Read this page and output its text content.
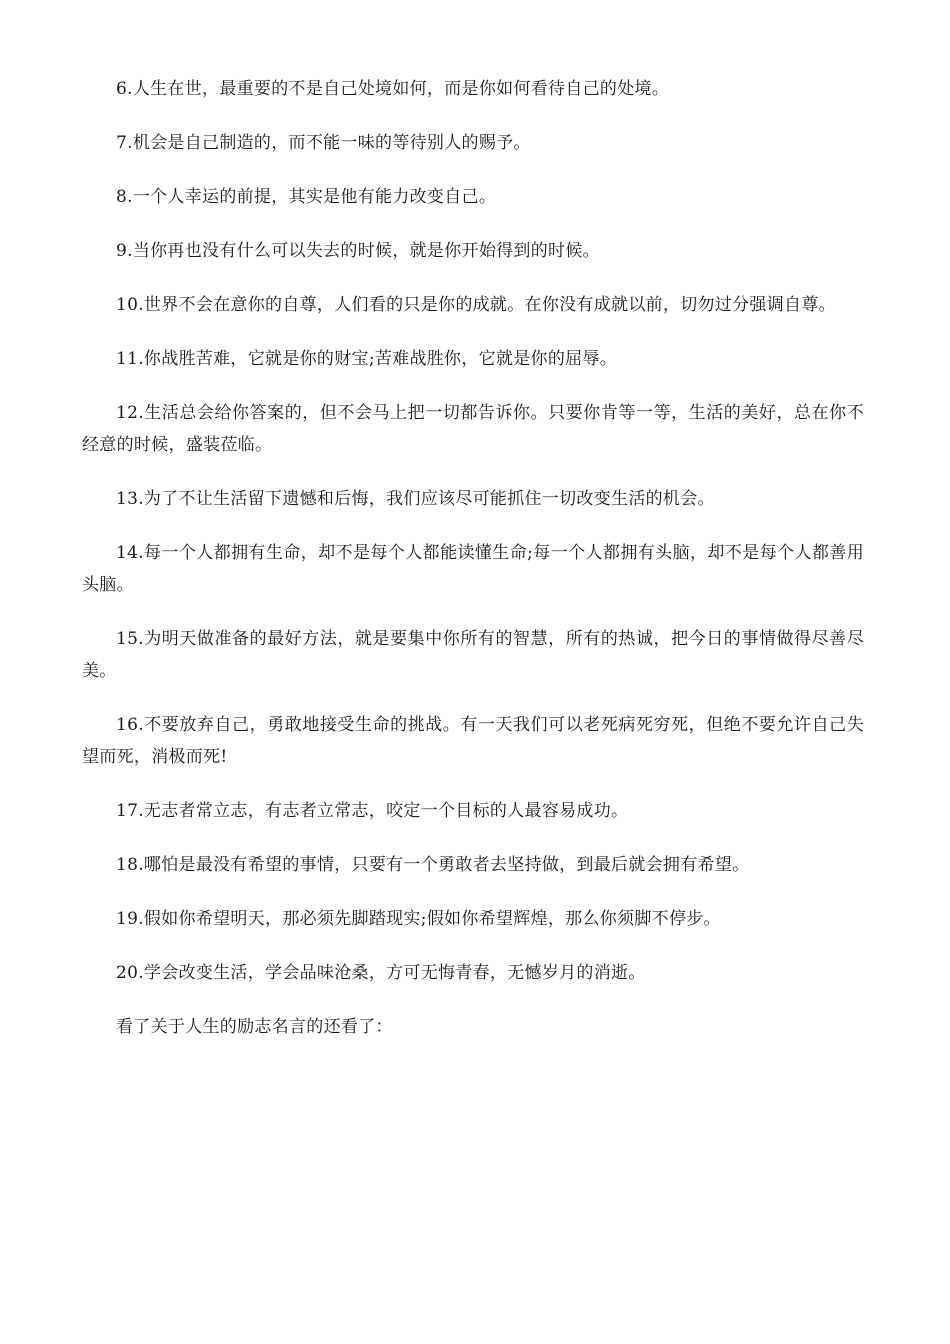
6.人生在世，最重要的不是自己处境如何，而是你如何看待自己的处境。

7.机会是自己制造的，而不能一味的等待别人的赐予。

8.一个人幸运的前提，其实是他有能力改变自己。

9.当你再也没有什么可以失去的时候，就是你开始得到的时候。

10.世界不会在意你的自尊，人们看的只是你的成就。在你没有成就以前，切勿过分强调自尊。

11.你战胜苦难，它就是你的财宝;苦难战胜你，它就是你的屈辱。

12.生活总会给你答案的，但不会马上把一切都告诉你。只要你肯等一等，生活的美好，总在你不经意的时候，盛装莅临。

13.为了不让生活留下遗憾和后悔，我们应该尽可能抓住一切改变生活的机会。

14.每一个人都拥有生命，却不是每个人都能读懂生命;每一个人都拥有头脑，却不是每个人都善用头脑。

15.为明天做准备的最好方法，就是要集中你所有的智慧，所有的热诚，把今日的事情做得尽善尽美。

16.不要放弃自己，勇敢地接受生命的挑战。有一天我们可以老死病死穷死，但绝不要允许自己失望而死，消极而死!

17.无志者常立志，有志者立常志，咬定一个目标的人最容易成功。

18.哪怕是最没有希望的事情，只要有一个勇敢者去坚持做，到最后就会拥有希望。

19.假如你希望明天，那必须先脚踏现实;假如你希望辉煌，那么你须脚不停步。

20.学会改变生活，学会品味沧桑，方可无悔青春，无憾岁月的消逝。

看了关于人生的励志名言的还看了：
